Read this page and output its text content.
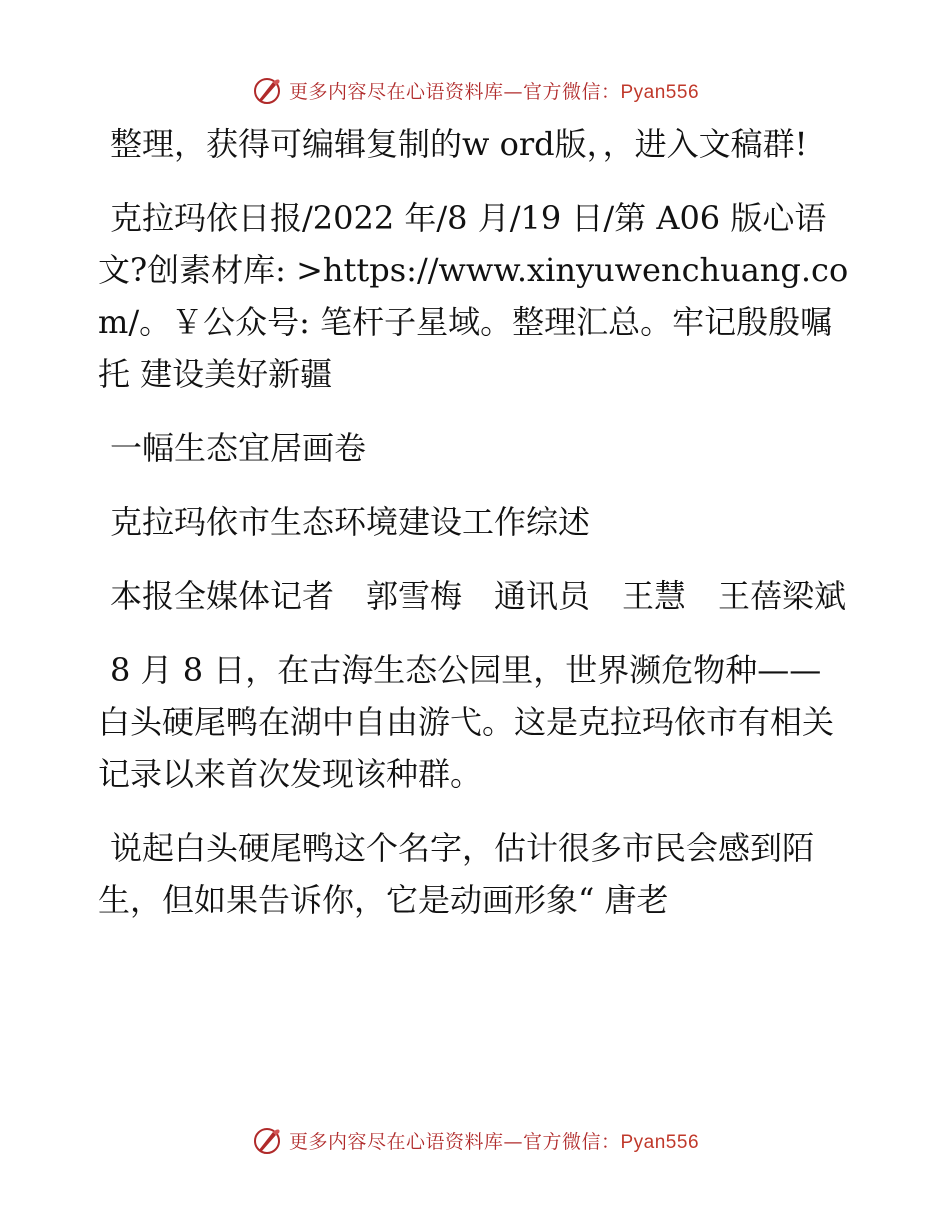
更多内容尽在心语资料库—官方微信：Pyan556

整理，获得可编辑复制的w ord版，，进入文稿群!

克拉玛依日报/2022 年/8 月/19 日/第 A06 版心语文?创素材库: >https://www.xinyuwenchuang.com/。￥公众号: 笔杆子星域。整理汇总。牢记殷殷嘱托 建设美好新疆

一幅生态宜居画卷

克拉玛依市生态环境建设工作综述

本报全媒体记者　郭雪梅　通讯员　王慧　王蓓梁斌

8 月 8 日，在古海生态公园里，世界濒危物种——白头硬尾鸭在湖中自由游弋。这是克拉玛依市有相关记录以来首次发现该种群。

说起白头硬尾鸭这个名字，估计很多市民会感到陌生，但如果告诉你，它是动画形象“ 唐老

更多内容尽在心语资料库—官方微信：Pyan556
